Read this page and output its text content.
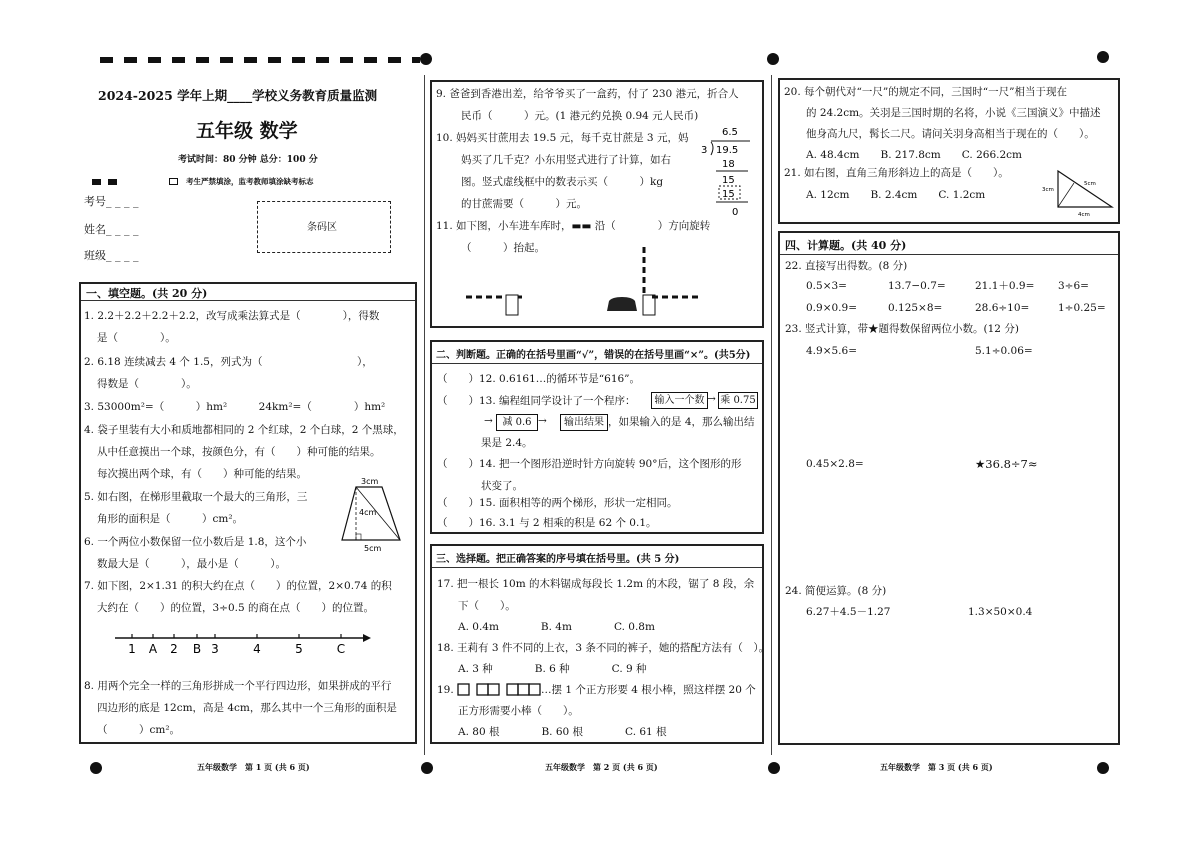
2024-2025 学年上期____学校义务教育质量监测
五年级 数学
考试时间：80 分钟 总分：100 分
考生严禁填涂，监考教师填涂缺考标志
考号_ _ _ _
姓名_ _ _ _
班级_ _ _ _
条码区
一、填空题。(共 20 分)
1. 2.2＋2.2＋2.2＋2.2，改写成乘法算式是（　　　　），得数
是（　　　　）。
2. 6.18 连续减去 4 个 1.5，列式为（　　　　　　　　　），
得数是（　　　　）。
3. 53000m²=（　　　）hm²　　　24km²=（　　　　）hm²
4. 袋子里装有大小和质地都相同的 2 个红球，2 个白球，2 个黑球，
从中任意摸出一个球，按颜色分，有（　　）种可能的结果。
每次摸出两个球，有（　　）种可能的结果。
5. 如右图，在梯形里截取一个最大的三角形，三
角形的面积是（　　　）cm²。
6. 一个两位小数保留一位小数后是 1.8，这个小
数最大是（　　　），最小是（　　　）。
7. 如下图，2×1.31 的积大约在点（　　）的位置，2×0.74 的积
大约在（　　）的位置，3÷0.5 的商在点（　　）的位置。
8. 用两个完全一样的三角形拼成一个平行四边形，如果拼成的平行
四边形的底是 12cm，高是 4cm，那么其中一个三角形的面积是
（　　　）cm²。
3cm
4cm
5cm
1 A 2 B 3	4	5	C
9. 爸爸到香港出差，给爷爷买了一盒药，付了 230 港元，折合人
民币（　　　）元。(1 港元约兑换 0.94 元人民币)
10. 妈妈买甘蔗用去 19.5 元，每千克甘蔗是 3 元，妈
妈买了几千克？小东用竖式进行了计算，如右
图。竖式虚线框中的数表示买（　　　）kg
的甘蔗需要（　　　）元。
11. 如下图，小车进车库时，▬▬ 沿（　　　　）方向旋转
（　　　）抬起。
6.5
3 19.5
18
15
15
0
二、判断题。正确的在括号里画“√”，错误的在括号里画“×”。(共5分)
（　　）12. 0.6161…的循环节是“616”。
（　　）13. 编程组同学设计了一个程序：	输入一个数 → 乘 0.75
→ 减 0.6 →	输出结果 ，如果输入的是 4，那么输出结
果是 2.4。
（　　）14. 把一个图形沿逆时针方向旋转 90°后，这个图形的形
状变了。
（　　）15. 面积相等的两个梯形，形状一定相同。
（　　）16. 3.1 与 2 相乘的积是 62 个 0.1。
三、选择题。把正确答案的序号填在括号里。(共 5 分)
17. 把一根长 10m 的木料锯成每段长 1.2m 的木段，锯了 8 段，余
下（　　）。
A. 0.4m　　　　B. 4m　　　　C. 0.8m
18. 王莉有 3 件不同的上衣，3 条不同的裤子，她的搭配方法有（　）。
A. 3 种　　　　B. 6 种　　　　C. 9 种
19.	…摆 1 个正方形要 4 根小棒，照这样摆 20 个
正方形需要小棒（　　）。
A. 80 根　　　　B. 60 根　　　　C. 61 根
20. 每个朝代对“一尺”的规定不同，三国时“一尺”相当于现在
的 24.2cm。关羽是三国时期的名将，小说《三国演义》中描述
他身高九尺，髯长二尺。请问关羽身高相当于现在的（　　）。
A. 48.4cm　　B. 217.8cm　　C. 266.2cm
21. 如右图，直角三角形斜边上的高是（　　）。
A. 12cm　　B. 2.4cm　　C. 1.2cm	3cm
5cm
4cm
四、计算题。(共 40 分)
22. 直接写出得数。(8 分)
0.5×3=	13.7−0.7=	21.1＋0.9= 3÷6=
0.9×0.9=	0.125×8=	28.6÷10=	1÷0.25=
23. 竖式计算，带★题得数保留两位小数。(12 分)
4.9×5.6=	5.1÷0.06=
0.45×2.8=	★36.8÷7≈
24. 简便运算。(8 分)
6.27＋4.5－1.27	1.3×50×0.4
五年级数学　第 1 页 (共 6 页)	五年级数学　第 2 页 (共 6 页)	五年级数学　第 3 页 (共 6 页)
